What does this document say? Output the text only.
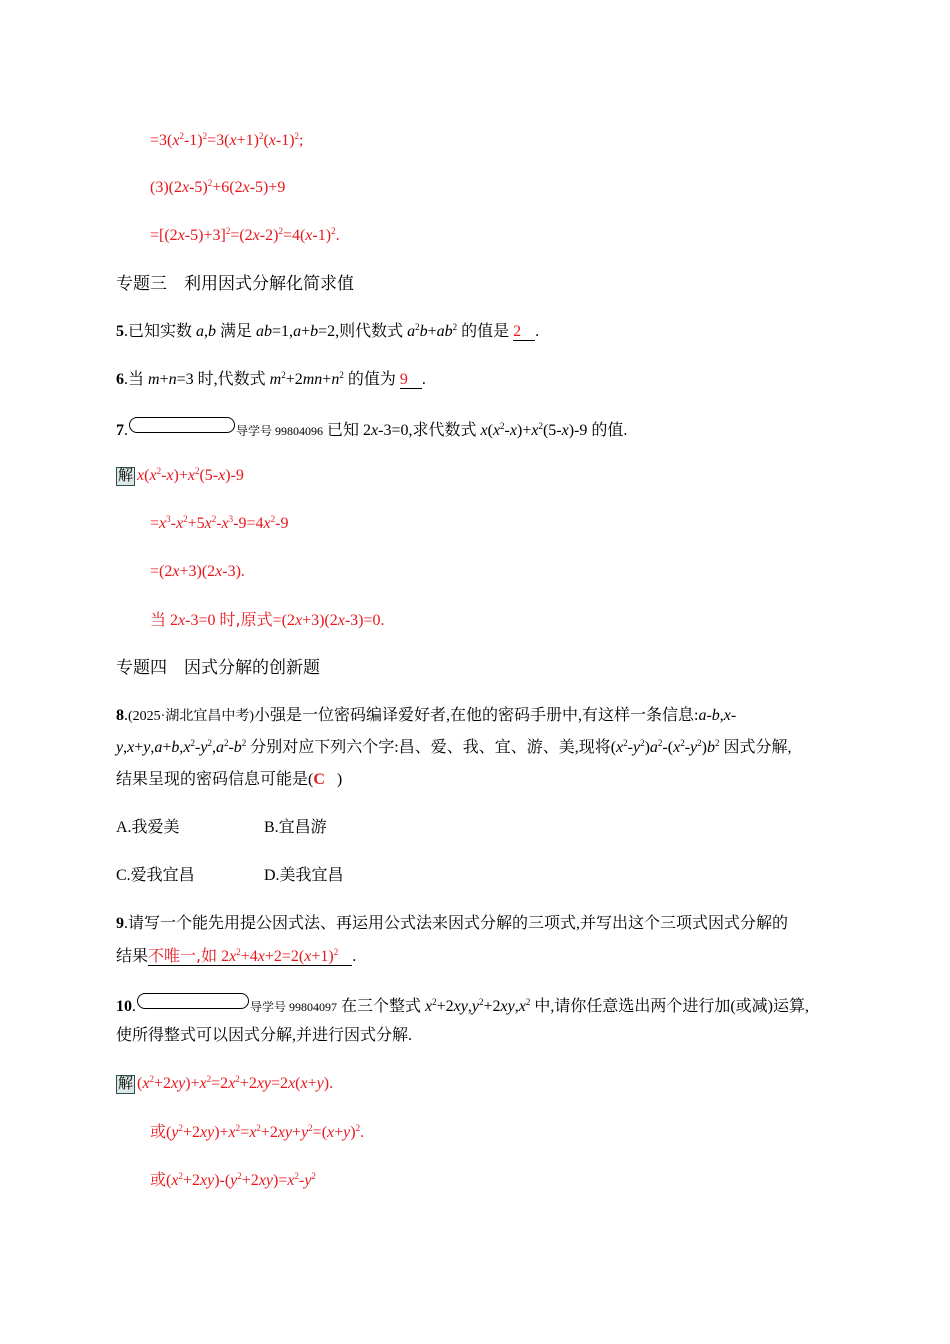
$=3(x^2-1)^2=3(x+1)^2(x-1)^2$;
$(3)(2x-5)^2+6(2x-5)+9$
$=[(2x-5)+3]^2=(2x-2)^2=4(x-1)^2$.
专题三　利用因式分解化简求值
5.已知实数 a,b 满足 ab=1,a+b=2,则代数式 $a^2b+ab^2$ 的值是 2 .
6.当 m+n=3 时,代数式 $m^2+2mn+n^2$ 的值为 9 .
7.	导学号 99804096 已知 2x-3=0,求代数式 $x(x^2-x)+x^2(5-x)-9$ 的值.
解 $x(x^2-x)+x^2(5-x)-9$
$=x^3-x^2+5x^2-x^3-9=4x^2-9$
=(2x+3)(2x-3).
当 2x-3=0 时,原式=(2x+3)(2x-3)=0.
专题四　因式分解的创新题
8.(2025·湖北宜昌中考)小强是一位密码编译爱好者,在他的密码手册中,有这样一条信息:a-b,x-
$y,x+y,a+b,x^2-y^2,a^2-b^2$ 分别对应下列六个字:昌、爱、我、宜、游、美,现将$(x^2-y^2)a^2-(x^2-y^2)b^2$ 因式分解,
结果呈现的密码信息可能是(C )
A.我爱美	B.宜昌游
C.爱我宜昌	D.美我宜昌
9.请写一个能先用提公因式法、再运用公式法来因式分解的三项式,并写出这个三项式因式分解的
结果不唯一,如 $2x^2+4x+2=2(x+1)^2$ .
10.	导学号 99804097 在三个整式 $x^2+2xy,y^2+2xy,x^2$ 中,请你任意选出两个进行加(或减)运算,
使所得整式可以因式分解,并进行因式分解.
解 $(x^2+2xy)+x^2=2x^2+2xy=2x(x+y)$.
或$(y^2+2xy)+x^2=x^2+2xy+y^2=(x+y)^2$.
或$(x^2+2xy)-(y^2+2xy)=x^2-y^2$
